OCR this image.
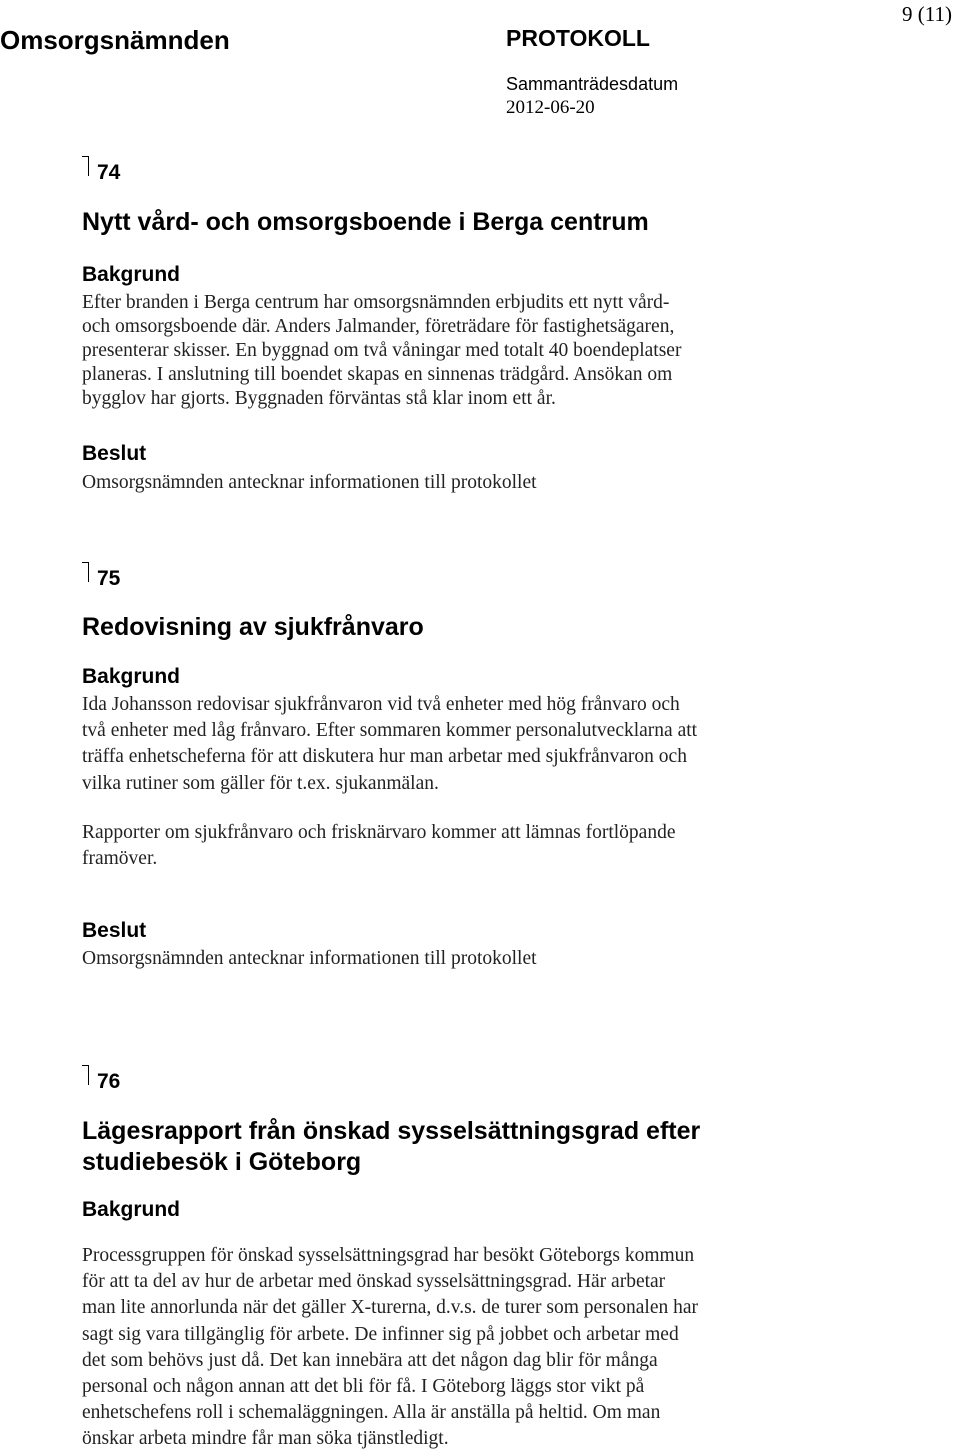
9 (11)
Omsorgsnämnden	PROTOKOLL
Sammanträdesdatum
2012-06-20
74
Nytt vård- och omsorgsboende i Berga centrum
Bakgrund

Efter branden i Berga centrum har omsorgsnämnden erbjudits ett nytt vård-

och omsorgsboende där. Anders Jalmander, företrädare för fastighetsägaren,

presenterar skisser. En byggnad om två våningar med totalt 40 boendeplatser

planeras. I anslutning till boendet skapas en sinnenas trädgård. Ansökan om

bygglov har gjorts. Byggnaden förväntas stå klar inom ett år.

Beslut

Omsorgsnämnden antecknar informationen till protokollet

75
Redovisning av sjukfrånvaro
Bakgrund

Ida Johansson redovisar sjukfrånvaron vid två enheter med hög frånvaro och

två enheter med låg frånvaro. Efter sommaren kommer personalutvecklarna att

träffa enhetscheferna för att diskutera hur man arbetar med sjukfrånvaron och

vilka rutiner som gäller för t.ex. sjukanmälan.

Rapporter om sjukfrånvaro och frisknärvaro kommer att lämnas fortlöpande

framöver.

Beslut

Omsorgsnämnden antecknar informationen till protokollet

76
Lägesrapport från önskad sysselsättningsgrad efter
studiebesök i Göteborg
Bakgrund

Processgruppen för önskad sysselsättningsgrad har besökt Göteborgs kommun

för att ta del av hur de arbetar med önskad sysselsättningsgrad. Här arbetar

man lite annorlunda när det gäller X-turerna, d.v.s. de turer som personalen har

sagt sig vara tillgänglig för arbete. De infinner sig på jobbet och arbetar med

det som behövs just då. Det kan innebära att det någon dag blir för många

personal och någon annan att det bli för få. I Göteborg läggs stor vikt på

enhetschefens roll i schemaläggningen. Alla är anställa på heltid. Om man

önskar arbeta mindre får man söka tjänstledigt.
